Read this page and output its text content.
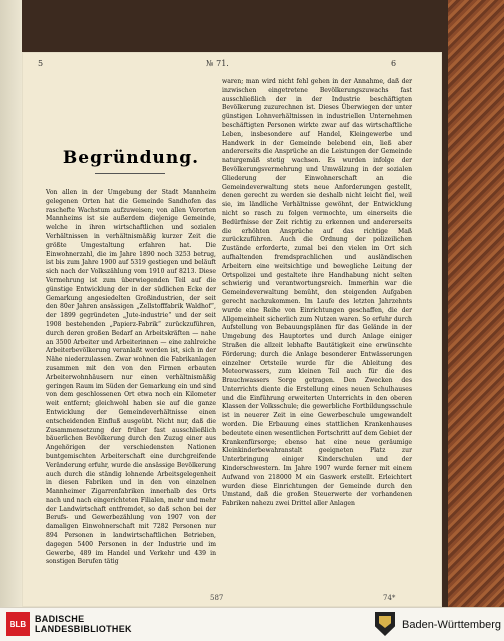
5	№ 71.	6
Begründung.

Von allen in der Umgebung der Stadt Mannheim gelegenen Orten hat die Gemeinde Sandhofen das raschefte Wachstum aufzuweisen; von allen Vororten Mannheims ist sie außerdem diejenige Gemeinde, welche in ihren wirtschaftlichen und sozialen Verhältnissen in verhältnismäßig kurzer Zeit die größte Umgestaltung erfahren hat. Die Einwohnerzahl, die im Jahre 1890 noch 3253 betrug, ist bis zum Jahre 1900 auf 5319 gestiegen und beläuft sich nach der Volkszählung vom 1910 auf 8213. Diese Vermehrung ist zum überwiegenden Teil auf die günstige Entwicklung der in der südlichen Ecke der Gemarkung angesiedelten Großindustrien, der seit den 80er Jahren ansässigen „Zellstofffabrik Waldhof“, der 1899 gegründeten „Jute-industrie“ und der seit 1908 bestehenden „Papierz-Fabrik“ zurückzuführen, durch deren großen Bedarf an Arbeitskräften — nahe an 3500 Arbeiter und Arbeiterinnen — eine zahlreiche Arbeiterbevölkerung veranlaßt worden ist, sich in der Nähe niederzulassen. Zwar wohnen die Fabrikanlagen zusammen mit den von den Firmen erbauten Arbeiterwohnhäusern nur einen verhältnismäßig geringen Raum im Süden der Gemarkung ein und sind von dem geschlossenen Ort etwa noch ein Kilometer weit entfernt; gleichwohl haben sie auf die ganze Entwicklung der Gemeindeverhältnisse einen entscheidenden Einfluß ausgeübt. Nicht nur, daß die Zusammensetzung der früher fast ausschließlich bäuerlichen Bevölkerung durch den Zuzug einer aus Angehörigen der verschiedensten Nationen buntgemischten Arbeiterschaft eine durchgreifende Veränderung erfuhr, wurde die ansässige Bevölkerung auch durch die ständig lohnende Arbeitsgelegenheit in diesen Fabriken und in den von einzelnen Mannheimer Zigarrenfabriken innerhalb des Orts nach und nach eingerichteten Filialen, mehr und mehr der Landwirtschaft entfremdet, so daß schon bei der Berufs- und Gewerbezählung von 1907 von der damaligen Einwohnerschaft mit 7282 Personen nur 894 Personen in landwirtschaftlichen Betrieben, dagegen 5400 Personen in der Industrie und im Gewerbe, 489 im Handel und Verkehr und 439 in sonstigen Berufen tätig

waren; man wird nicht fehl gehen in der Annahme, daß der inzwischen eingetretene Bevölkerungszuwachs fast ausschließlich der in der Industrie beschäftigten Bevölkerung zuzurechnen ist. Dieses Überwiegen der unter günstigen Lohnverhältnissen in industriellen Unternehmen beschäftigten Personen wirkte zwar auf das wirtschaftliche Leben, insbesondere auf Handel, Kleingewerbe und Handwerk in der Gemeinde belebend ein, ließ aber andererseits die Ansprüche an die Leistungen der Gemeinde naturgemäß stetig wachsen. Es wurden infolge der Bevölkerungsvermehrung und Umwälzung in der sozialen Gliederung der Einwohnerschaft an die Gemeindeverwaltung stets neue Anforderungen gestellt, denen gerecht zu werden sie deshalb nicht leicht fiel, weil sie, im ländliche Verhältnisse gewöhnt, der Entwicklung nicht so rasch zu folgen vermochte, um einerseits die Bedürfnisse der Zeit richtig zu erkennen und andererseits die erhöhten Ansprüche auf das richtige Maß zurückzuführen. Auch die Ordnung der polizeilichen Zustände erforderte, zumal bei den vielen im Ort sich aufhaltenden fremdsprachlichen und ausländischen Arbeitern eine weitsichtige und bewegliche Leitung der Ortspolizei und gestaltete ihre Handhabung nicht selten schwierig und verantwortungsreich. Immerhin war die Gemeindeverwaltung bemüht, den steigenden Aufgaben gerecht nachzukommen. Im Laufe des letzten Jahrzehnts wurde eine Reihe von Einrichtungen geschaffen, die der Allgemeinheit sicherlich zum Nutzen waren. So erfuhr durch Aufstellung von Bebauungsplänen für das Gelände in der Umgebung des Hauptortes und durch Anlage einiger Straßen die allzeit lebhafte Bautätigkeit eine erwünschte Förderung; durch die Anlage besonderer Entwässerungen einzelner Ortsteile wurde für die Ableitung des Meteorwassers, zum kleinen Teil auch für die des Brauchwassers Sorge getragen. Den Zwecken des Unterrichts diente die Erstellung eines neuen Schulhauses und die Einführung erweiterten Unterrichts in den oberen Klassen der Volksschule; die gewerbliche Fortbildungsschule ist in neuerer Zeit in eine Gewerbeschule umgewandelt worden. Die Erbauung eines stattlichen Krankenhauses bedeutete einen wesentlichen Fortschritt auf dem Gebiet der Krankenfürsorge; ebenso hat eine neue geräumige Kleinkinderbewahranstalt geeigneten Platz zur Unterbringung einiger Kinderschulen und der Kinderschwestern. Im Jahre 1907 wurde ferner mit einem Aufwand von 218000 M ein Gaswerk erstellt. Erleichtert wurden diese Einrichtungen der Gemeinde durch den Umstand, daß die großen Steuerwerte der vorhandenen Fabriken nahezu zwei Drittel aller Anlagen

587	74*
BLB BADISCHE
LANDESBIBLIOTHEK	Baden-Württemberg
